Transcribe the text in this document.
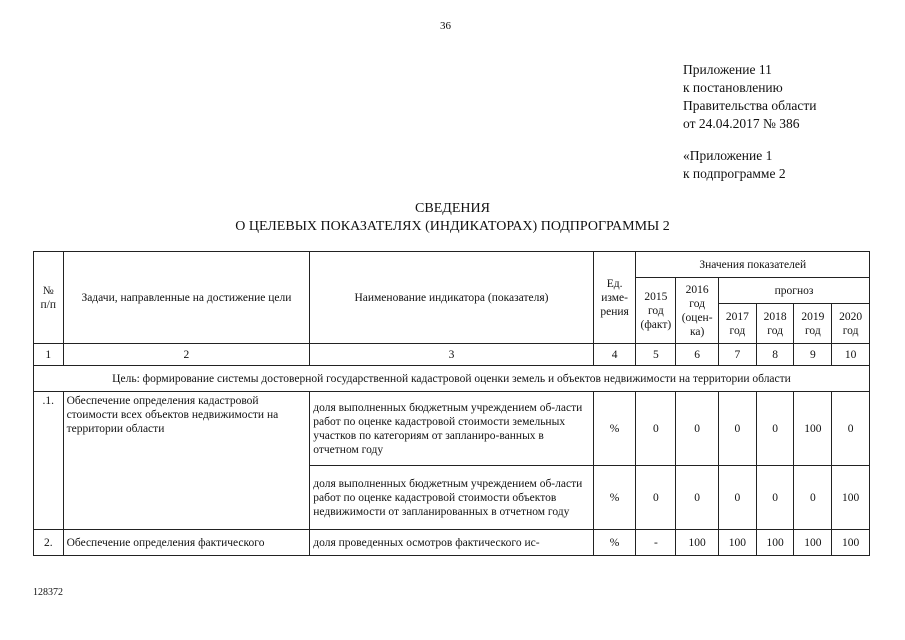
36
Приложение 11
к постановлению
Правительства области
от 24.04.2017 № 386
«Приложение 1
к подпрограмме 2
СВЕДЕНИЯ
О ЦЕЛЕВЫХ ПОКАЗАТЕЛЯХ (ИНДИКАТОРАХ) ПОДПРОГРАММЫ 2
№ п/п	Задачи, направленные на достижение цели	Наименование индикатора (показателя)	Ед. изме-рения	Значения показателей					
				2015 год (факт)	2016 год (оцен-ка)	прогноз			
						2017 год	2018 год	2019 год	2020 год
1	2	3	4	5	6	7	8	9	10
Цель: формирование системы достоверной государственной кадастровой оценки земель и объектов недвижимости на территории области									
.1.	Обеспечение определения кадастровой стоимости всех объектов недвижимости на территории области	доля выполненных бюджетным учреждением об-ласти работ по оценке кадастровой стоимости земельных участков по категориям от запланиро-ванных в отчетном году	%	0	0	0	0	100	0
		доля выполненных бюджетным учреждением об-ласти работ по оценке кадастровой стоимости объектов недвижимости от запланированных в отчетном году	%	0	0	0	0	0	100
2.	Обеспечение определения фактического	доля проведенных осмотров фактического ис-	%	-	100	100	100	100	100
128372
